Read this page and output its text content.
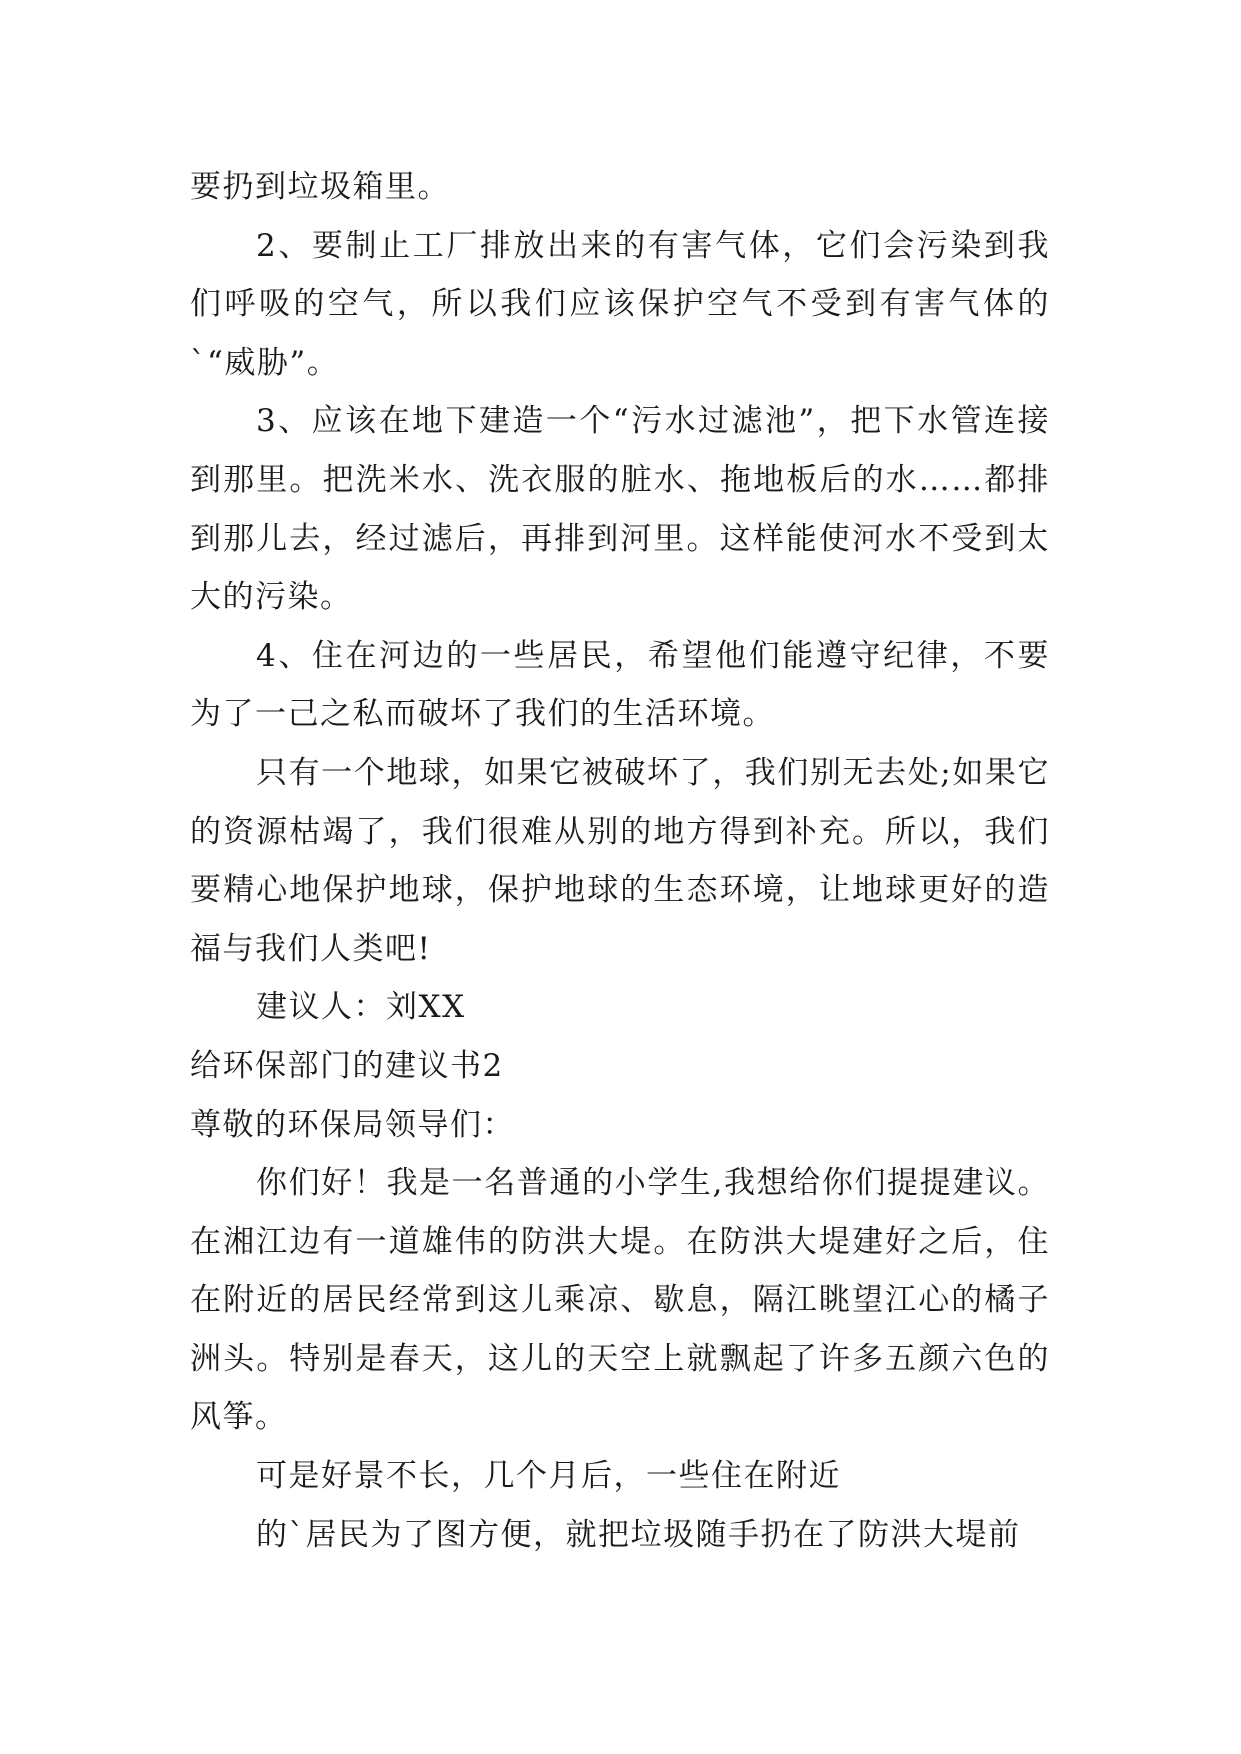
要扔到垃圾箱里。

2、要制止工厂排放出来的有害气体，它们会污染到我们呼吸的空气，所以我们应该保护空气不受到有害气体的`“威胁”。

3、应该在地下建造一个“污水过滤池”，把下水管连接到那里。把洗米水、洗衣服的脏水、拖地板后的水……都排到那儿去，经过滤后，再排到河里。这样能使河水不受到太大的污染。

4、住在河边的一些居民，希望他们能遵守纪律，不要为了一己之私而破坏了我们的生活环境。

只有一个地球，如果它被破坏了，我们别无去处;如果它的资源枯竭了，我们很难从别的地方得到补充。所以，我们要精心地保护地球，保护地球的生态环境，让地球更好的造福与我们人类吧!

建议人：刘XX

给环保部门的建议书2

尊敬的环保局领导们：

你们好！我是一名普通的小学生,我想给你们提提建议。在湘江边有一道雄伟的防洪大堤。在防洪大堤建好之后，住在附近的居民经常到这儿乘凉、歇息，隔江眺望江心的橘子洲头。特别是春天，这儿的天空上就飘起了许多五颜六色的风筝。

可是好景不长，几个月后，一些住在附近

的`居民为了图方便，就把垃圾随手扔在了防洪大堤前
